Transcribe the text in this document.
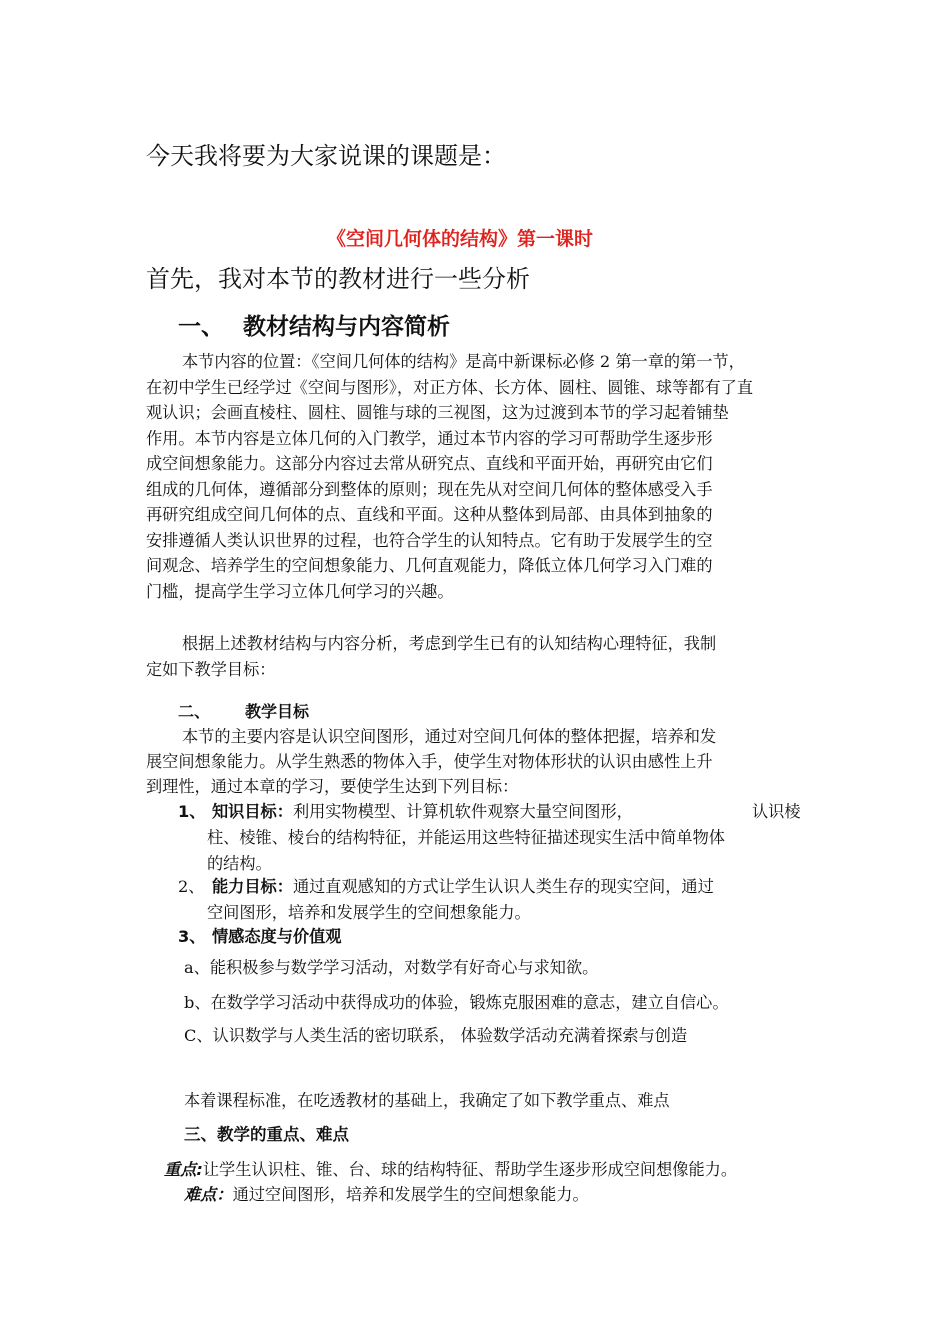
今天我将要为大家说课的课题是：
《空间几何体的结构》第一课时
首先，我对本节的教材进行一些分析
一、 教材结构与内容简析
本节内容的位置：《空间几何体的结构》是高中新课标必修 2 第一章的第一节，
在初中学生已经学过《空间与图形》，对正方体、长方体、圆柱、圆锥、球等都有了直
观认识；会画直棱柱、圆柱、圆锥与球的三视图，这为过渡到本节的学习起着铺垫
作用。本节内容是立体几何的入门教学，通过本节内容的学习可帮助学生逐步形
成空间想象能力。这部分内容过去常从研究点、直线和平面开始，再研究由它们
组成的几何体，遵循部分到整体的原则；现在先从对空间几何体的整体感受入手
再研究组成空间几何体的点、直线和平面。这种从整体到局部、由具体到抽象的
安排遵循人类认识世界的过程，也符合学生的认知特点。它有助于发展学生的空
间观念、培养学生的空间想象能力、几何直观能力，降低立体几何学习入门难的
门槛，提高学生学习立体几何学习的兴趣。
根据上述教材结构与内容分析，考虑到学生已有的认知结构心理特征，我制
定如下教学目标：
二、 教学目标
本节的主要内容是认识空间图形，通过对空间几何体的整体把握，培养和发
展空间想象能力。从学生熟悉的物体入手，使学生对物体形状的认识由感性上升
到理性，通过本章的学习，要使学生达到下列目标：
1、 知识目标：利用实物模型、计算机软件观察大量空间图形，	认识棱
柱、棱锥、棱台的结构特征，并能运用这些特征描述现实生活中简单物体
的结构。
2、 能力目标：通过直观感知的方式让学生认识人类生存的现实空间，通过
空间图形，培养和发展学生的空间想象能力。
3、 情感态度与价值观
a、能积极参与数学学习活动，对数学有好奇心与求知欲。
b、在数学学习活动中获得成功的体验，锻炼克服困难的意志，建立自信心。
C、认识数学与人类生活的密切联系， 体验数学活动充满着探索与创造
本着课程标准，在吃透教材的基础上，我确定了如下教学重点、难点
三、教学的重点、难点
重点:让学生认识柱、锥、台、球的结构特征、帮助学生逐步形成空间想像能力。
难点：通过空间图形，培养和发展学生的空间想象能力。
